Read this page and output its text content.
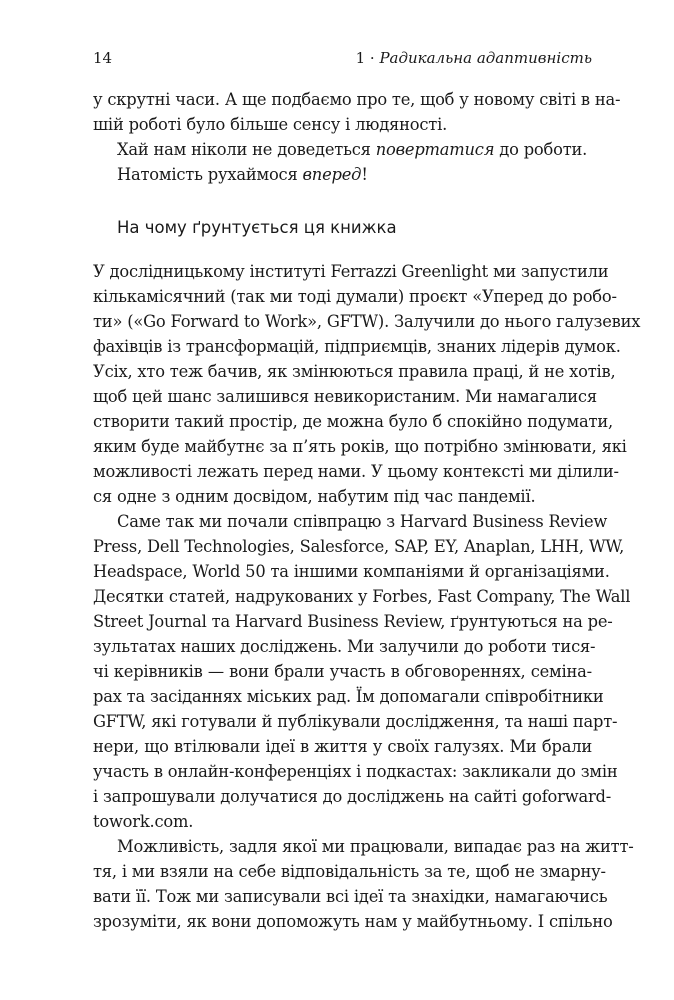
14	1 · Радикальна адаптивність
у скрутні часи. А ще подбаємо про те, щоб у новому світі в на-
шій роботі було більше сенсу і людяності.
Хай нам ніколи не доведеться повертатися до роботи.
Натомість рухаймося вперед!
На чому ґрунтується ця книжка
У дослідницькому інституті Ferrazzi Greenlight ми запустили
кількамісячний (так ми тоді думали) проєкт «Уперед до робо-
ти» («Go Forward to Work», GFTW). Залучили до нього галузевих
фахівців із трансформацій, підприємців, знаних лідерів думок.
Усіх, хто теж бачив, як змінюються правила праці, й не хотів,
щоб цей шанс залишився невикористаним. Ми намагалися
створити такий простір, де можна було б спокійно подумати,
яким буде майбутнє за п’ять років, що потрібно змінювати, які
можливості лежать перед нами. У цьому контексті ми ділили-
ся одне з одним досвідом, набутим під час пандемії.
Саме так ми почали співпрацю з Harvard Business Review
Press, Dell Technologies, Salesforce, SAP, EY, Anaplan, LHH, WW,
Headspace, World 50 та іншими компаніями й організаціями.
Десятки статей, надрукованих у Forbes, Fast Company, The Wall
Street Journal та Harvard Business Review, ґрунтуються на ре-
зультатах наших досліджень. Ми залучили до роботи тися-
чі керівників — вони брали участь в обговореннях, семіна-
рах та засіданнях міських рад. Їм допомагали співробітники
GFTW, які готували й публікували дослідження, та наші парт-
нери, що втілювали ідеї в життя у своїх галузях. Ми брали
участь в онлайн-конференціях і подкастах: закликали до змін
і запрошували долучатися до досліджень на сайті goforward-
towork.com.
Можливість, задля якої ми працювали, випадає раз на житт-
тя, і ми взяли на себе відповідальність за те, щоб не змарну-
вати її. Тож ми записували всі ідеї та знахідки, намагаючись
зрозуміти, як вони допоможуть нам у майбутньому. І спільно
